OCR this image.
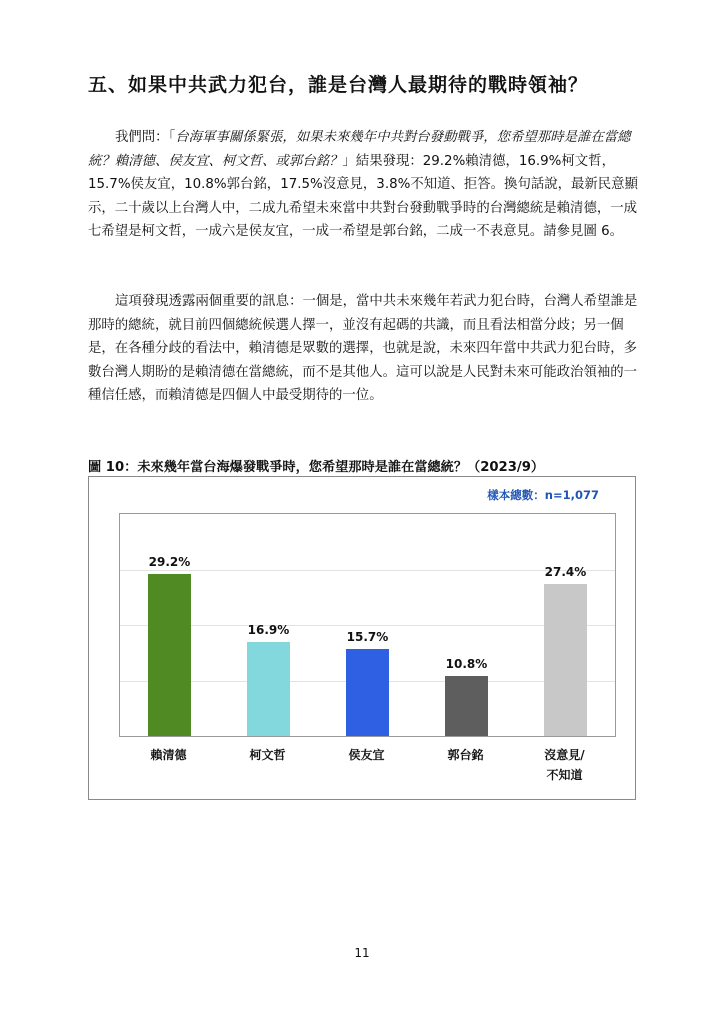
五、如果中共武力犯台，誰是台灣人最期待的戰時領袖？
我們問：「台海軍事關係緊張，如果未來幾年中共對台發動戰爭，您希望那時是誰在當總統？賴清德、侯友宜、柯文哲、或郭台銘？」結果發現：29.2%賴清德，16.9%柯文哲，15.7%侯友宜，10.8%郭台銘，17.5%沒意見，3.8%不知道、拒答。換句話說，最新民意顯示，二十歲以上台灣人中，二成九希望未來當中共對台發動戰爭時的台灣總統是賴清德，一成七希望是柯文哲，一成六是侯友宜，一成一希望是郭台銘，二成一不表意見。請參見圖 6。
這項發現透露兩個重要的訊息：一個是，當中共未來幾年若武力犯台時，台灣人希望誰是那時的總統，就目前四個總統候選人擇一，並沒有起碼的共識，而且看法相當分歧；另一個是，在各種分歧的看法中，賴清德是眾數的選擇，也就是說，未來四年當中共武力犯台時，多數台灣人期盼的是賴清德在當總統，而不是其他人。這可以說是人民對未來可能政治領袖的一種信任感，而賴清德是四個人中最受期待的一位。
圖 10：未來幾年當台海爆發戰爭時，您希望那時是誰在當總統？（2023/9）
樣本總數：n=1,077
29.2%
16.9%	15.7%
10.8%
27.4%
賴清德	柯文哲	侯友宜	郭台銘	沒意見/
不知道
11
